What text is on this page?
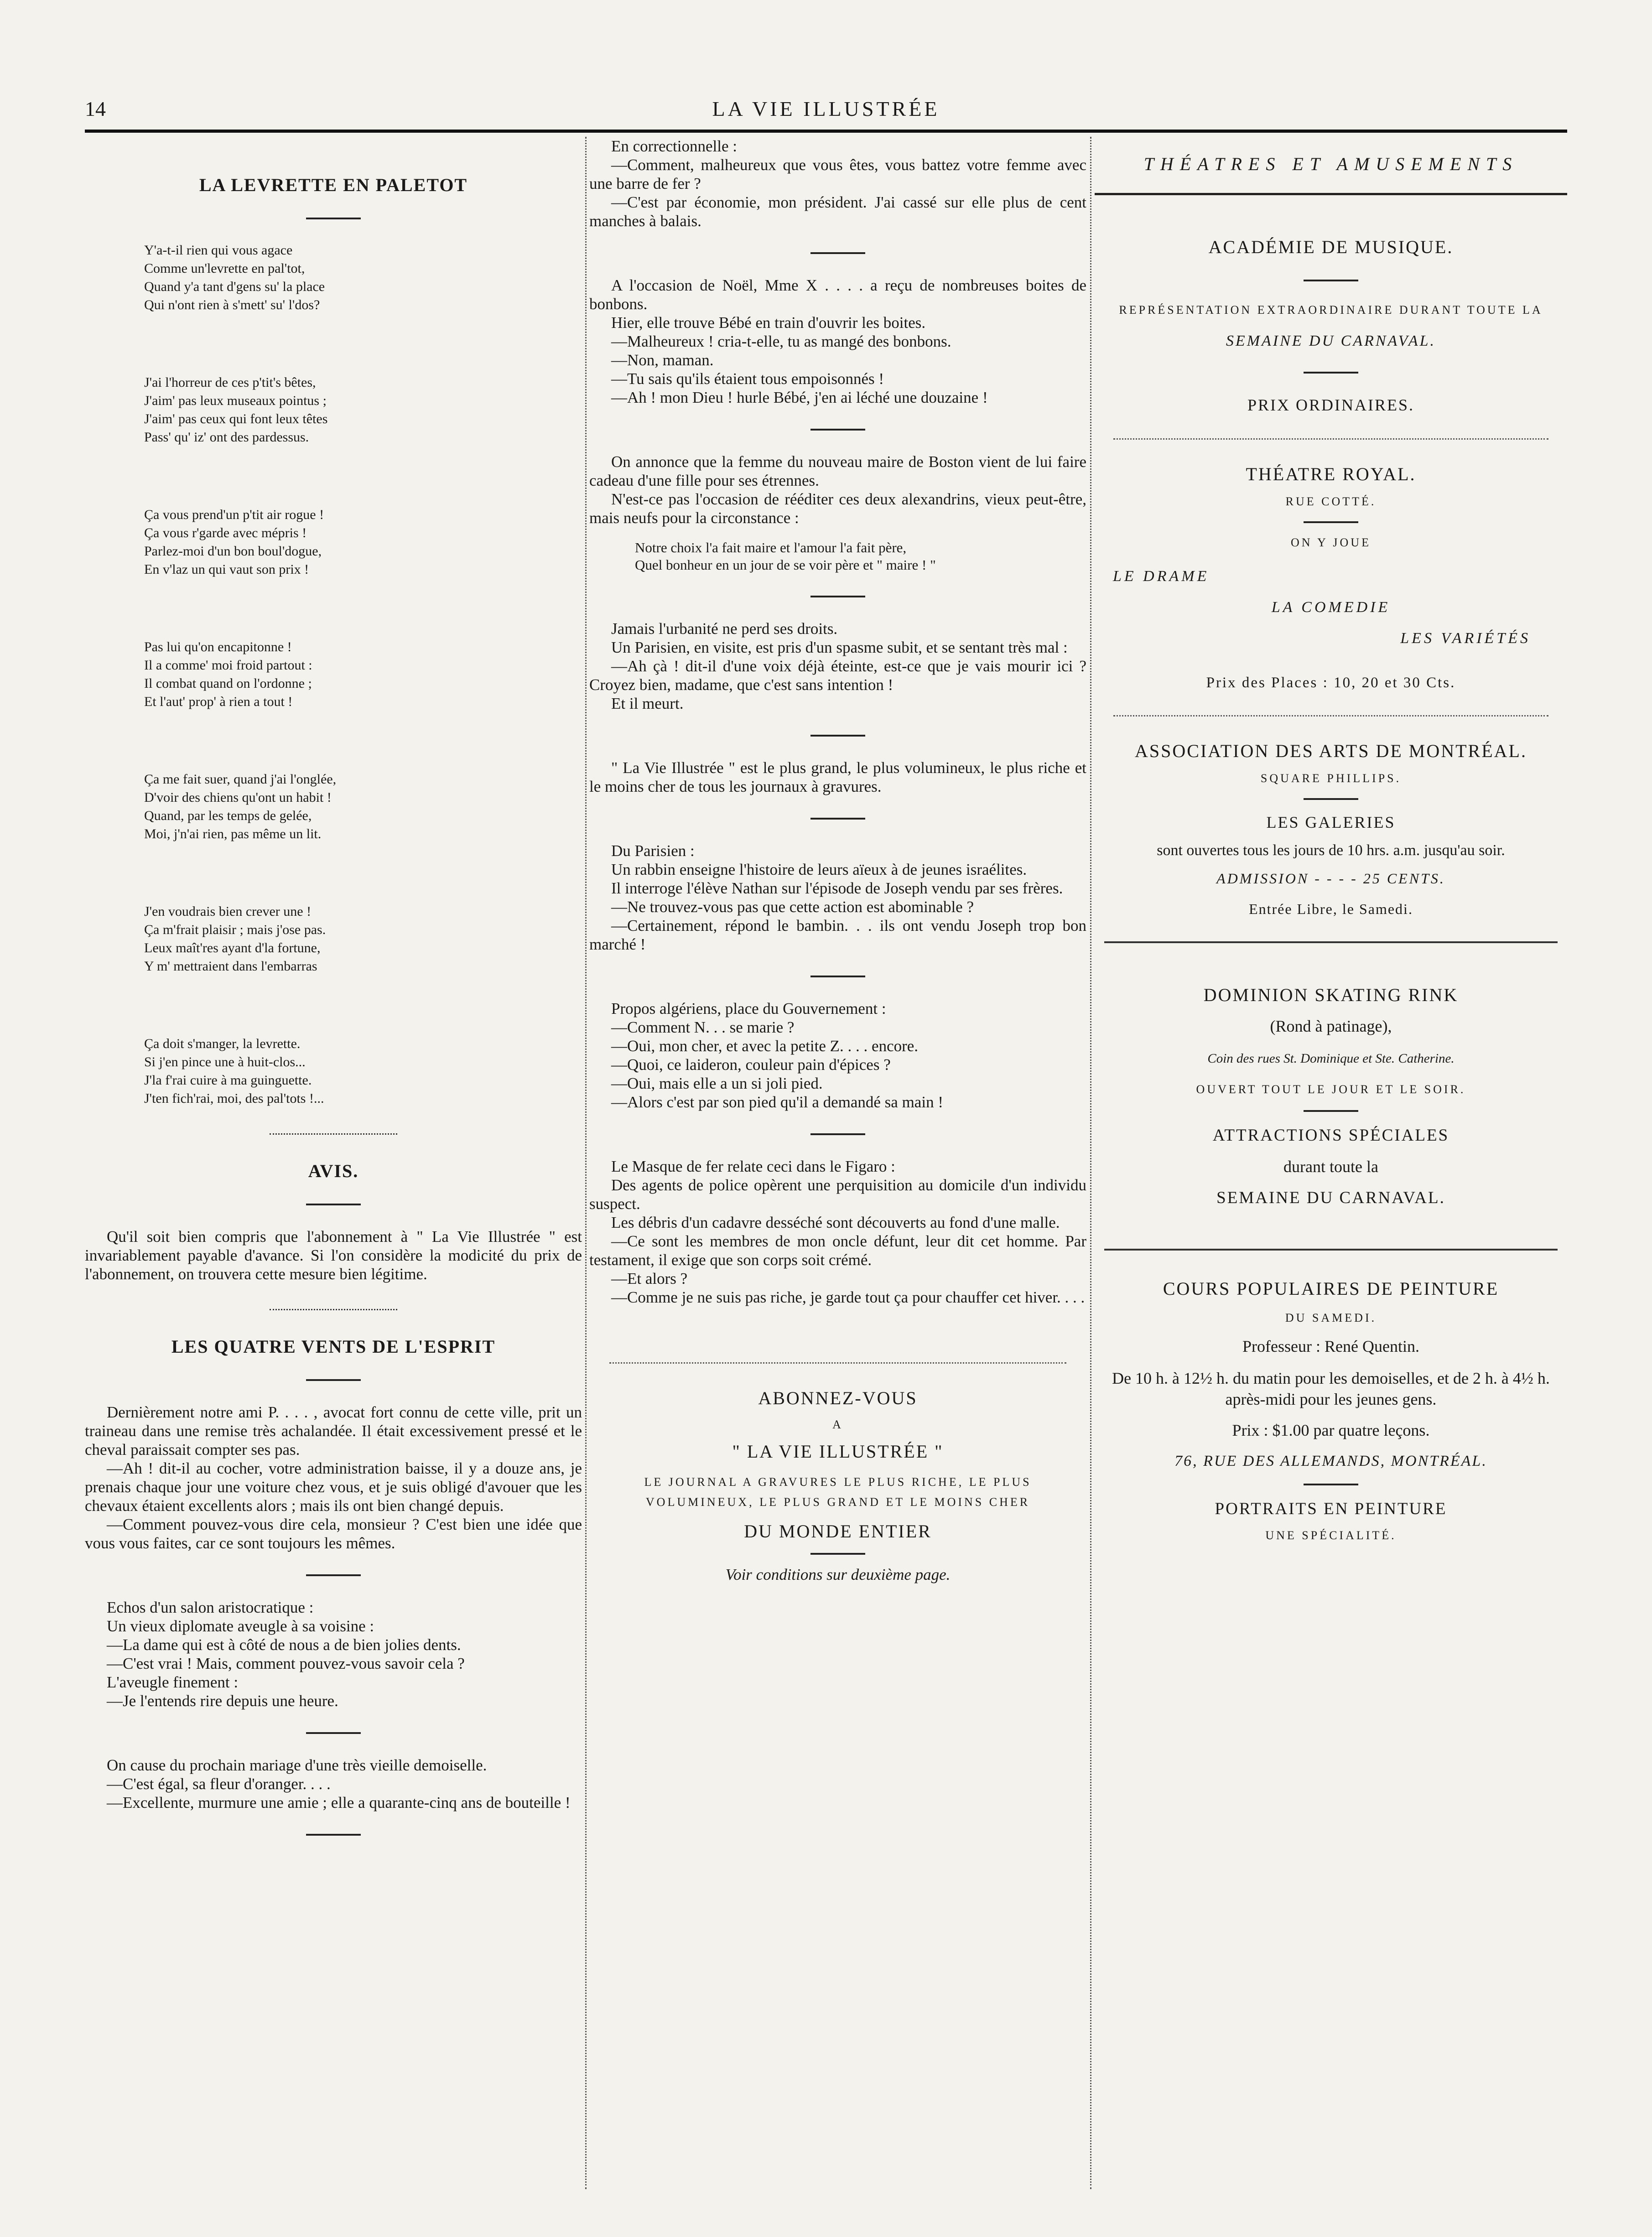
14	LA VIE ILLUSTRÉE
LA LEVRETTE EN PALETOT

Y'a-t-il rien qui vous agace

Comme un'levrette en pal'tot,

Quand y'a tant d'gens su' la place

Qui n'ont rien à s'mett' su' l'dos?

J'ai l'horreur de ces p'tit's bêtes,

J'aim' pas leux museaux pointus ;

J'aim' pas ceux qui font leux têtes

Pass' qu' iz' ont des pardessus.

Ça vous prend'un p'tit air rogue !

Ça vous r'garde avec mépris !

Parlez-moi d'un bon boul'dogue,

En v'laz un qui vaut son prix !

Pas lui qu'on encapitonne !

Il a comme' moi froid partout :

Il combat quand on l'ordonne ;

Et l'aut' prop' à rien a tout !

Ça me fait suer, quand j'ai l'onglée,

D'voir des chiens qu'ont un habit !

Quand, par les temps de gelée,

Moi, j'n'ai rien, pas même un lit.

J'en voudrais bien crever une !

Ça m'frait plaisir ; mais j'ose pas.

Leux maît'res ayant d'la fortune,

Y m' mettraient dans l'embarras

Ça doit s'manger, la levrette.

Si j'en pince une à huit-clos...

J'la f'rai cuire à ma guinguette.

J'ten fich'rai, moi, des pal'tots !...

AVIS.

Qu'il soit bien compris que l'abonnement à " La Vie Illustrée " est invariablement payable d'avance. Si l'on considère la modicité du prix de l'abonnement, on trouvera cette mesure bien légitime.

LES QUATRE VENTS DE L'ESPRIT

Dernièrement notre ami P. . . . , avocat fort connu de cette ville, prit un traineau dans une remise très achalandée. Il était excessivement pressé et le cheval paraissait compter ses pas.

—Ah ! dit-il au cocher, votre administration baisse, il y a douze ans, je prenais chaque jour une voiture chez vous, et je suis obligé d'avouer que les chevaux étaient excellents alors ; mais ils ont bien changé depuis.

—Comment pouvez-vous dire cela, monsieur ? C'est bien une idée que vous vous faites, car ce sont toujours les mêmes.

Echos d'un salon aristocratique :

Un vieux diplomate aveugle à sa voisine :

—La dame qui est à côté de nous a de bien jolies dents.

—C'est vrai ! Mais, comment pouvez-vous savoir cela ?

L'aveugle finement :

—Je l'entends rire depuis une heure.

On cause du prochain mariage d'une très vieille demoiselle.

—C'est égal, sa fleur d'oranger. . . .

—Excellente, murmure une amie ; elle a quarante-cinq ans de bouteille !

En correctionnelle :

—Comment, malheureux que vous êtes, vous battez votre femme avec une barre de fer ?

—C'est par économie, mon président. J'ai cassé sur elle plus de cent manches à balais.

A l'occasion de Noël, Mme X . . . . a reçu de nombreuses boites de bonbons.

Hier, elle trouve Bébé en train d'ouvrir les boites.

—Malheureux ! cria-t-elle, tu as mangé des bonbons.

—Non, maman.

—Tu sais qu'ils étaient tous empoisonnés !

—Ah ! mon Dieu ! hurle Bébé, j'en ai léché une douzaine !

On annonce que la femme du nouveau maire de Boston vient de lui faire cadeau d'une fille pour ses étrennes.

N'est-ce pas l'occasion de rééditer ces deux alexandrins, vieux peut-être, mais neufs pour la circonstance :

Notre choix l'a fait maire et l'amour l'a fait père,

Quel bonheur en un jour de se voir père et " maire ! "

Jamais l'urbanité ne perd ses droits.

Un Parisien, en visite, est pris d'un spasme subit, et se sentant très mal :

—Ah çà ! dit-il d'une voix déjà éteinte, est-ce que je vais mourir ici ? Croyez bien, madame, que c'est sans intention !

Et il meurt.

" La Vie Illustrée " est le plus grand, le plus volumineux, le plus riche et le moins cher de tous les journaux à gravures.

Du Parisien :

Un rabbin enseigne l'histoire de leurs aïeux à de jeunes israélites.

Il interroge l'élève Nathan sur l'épisode de Joseph vendu par ses frères.

—Ne trouvez-vous pas que cette action est abominable ?

—Certainement, répond le bambin. . . ils ont vendu Joseph trop bon marché !

Propos algériens, place du Gouvernement :

—Comment N. . . se marie ?

—Oui, mon cher, et avec la petite Z. . . . encore.

—Quoi, ce laideron, couleur pain d'épices ?

—Oui, mais elle a un si joli pied.

—Alors c'est par son pied qu'il a demandé sa main !

Le Masque de fer relate ceci dans le Figaro :

Des agents de police opèrent une perquisition au domicile d'un individu suspect.

Les débris d'un cadavre desséché sont découverts au fond d'une malle.

—Ce sont les membres de mon oncle défunt, leur dit cet homme. Par testament, il exige que son corps soit crémé.

—Et alors ?

—Comme je ne suis pas riche, je garde tout ça pour chauffer cet hiver. . . .

ABONNEZ-VOUS

A

" LA VIE ILLUSTRÉE "

LE JOURNAL A GRAVURES LE PLUS RICHE, LE PLUS VOLUMINEUX, LE PLUS GRAND ET LE MOINS CHER

DU MONDE ENTIER

Voir conditions sur deuxième page.

THÉATRES ET AMUSEMENTS

ACADÉMIE DE MUSIQUE.

REPRÉSENTATION EXTRAORDINAIRE DURANT TOUTE LA

SEMAINE DU CARNAVAL.

PRIX ORDINAIRES.

THÉATRE ROYAL.

RUE COTTÉ.

ON Y JOUE

LE DRAME

LA COMEDIE

LES VARIÉTÉS

Prix des Places : 10, 20 et 30 Cts.

ASSOCIATION DES ARTS DE MONTRÉAL.

SQUARE PHILLIPS.

LES GALERIES

sont ouvertes tous les jours de 10 hrs. a.m. jusqu'au soir.

ADMISSION - - - - 25 CENTS.

Entrée Libre, le Samedi.

DOMINION SKATING RINK

(Rond à patinage),

Coin des rues St. Dominique et Ste. Catherine.

OUVERT TOUT LE JOUR ET LE SOIR.

ATTRACTIONS SPÉCIALES

durant toute la

SEMAINE DU CARNAVAL.

COURS POPULAIRES DE PEINTURE

DU SAMEDI.

Professeur : René Quentin.

De 10 h. à 12½ h. du matin pour les demoiselles, et de 2 h. à 4½ h. après-midi pour les jeunes gens.

Prix : $1.00 par quatre leçons.

76, RUE DES ALLEMANDS, MONTRÉAL.

PORTRAITS EN PEINTURE

UNE SPÉCIALITÉ.
